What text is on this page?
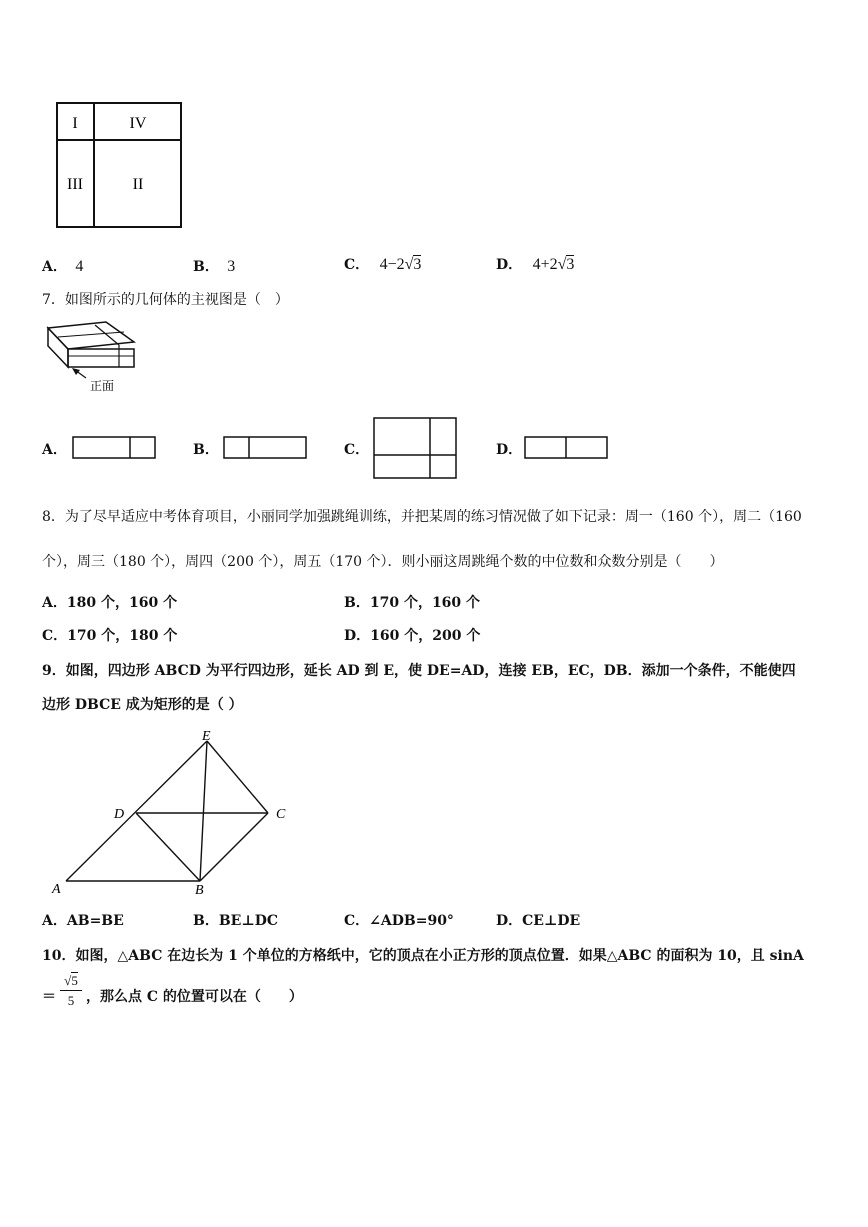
I	IV
III	II
A． 4	B． 3	C． 4−2√3	D． 4+2√3
7．如图所示的几何体的主视图是（　）
正面
A．	B．	C．	D．
8．为了尽早适应中考体育项目，小丽同学加强跳绳训练，并把某周的练习情况做了如下记录：周一（160 个），周二（160
个），周三（180 个），周四（200 个），周五（170 个）．则小丽这周跳绳个数的中位数和众数分别是（　　）
A．180 个，160 个	B．170 个，160 个
C．170 个，180 个	D．160 个，200 个
9．如图，四边形 ABCD 为平行四边形，延长 AD 到 E，使 DE=AD，连接 EB，EC，DB．添加一个条件，不能使四
边形 DBCE 成为矩形的是（ ）
E
D	C
A	B
A．AB=BE	B．BE⊥DC	C．∠ADB=90°	D．CE⊥DE
10．如图，△ABC 在边长为 1 个单位的方格纸中，它的顶点在小正方形的顶点位置．如果△ABC 的面积为 10，且 sinA
＝ $\frac{√5}{5}$ ，那么点 C 的位置可以在（　　）
